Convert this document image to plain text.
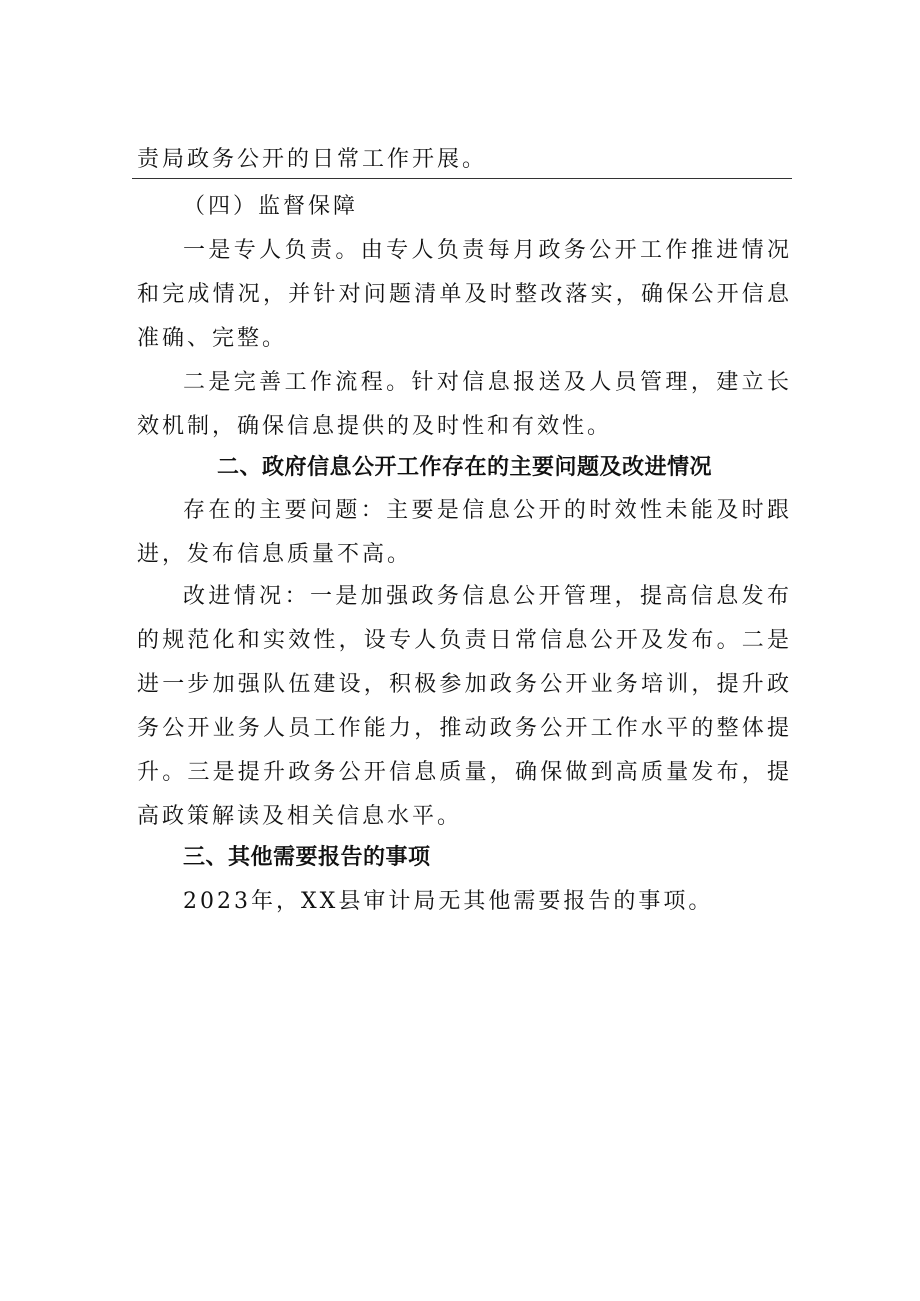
责局政务公开的日常工作开展。
（四）监督保障
一是专人负责。由专人负责每月政务公开工作推进情况和完成情况，并针对问题清单及时整改落实，确保公开信息准确、完整。
二是完善工作流程。针对信息报送及人员管理，建立长效机制，确保信息提供的及时性和有效性。
二、政府信息公开工作存在的主要问题及改进情况
存在的主要问题：主要是信息公开的时效性未能及时跟进，发布信息质量不高。
改进情况：一是加强政务信息公开管理，提高信息发布的规范化和实效性，设专人负责日常信息公开及发布。二是进一步加强队伍建设，积极参加政务公开业务培训，提升政务公开业务人员工作能力，推动政务公开工作水平的整体提升。三是提升政务公开信息质量，确保做到高质量发布，提高政策解读及相关信息水平。
三、其他需要报告的事项
2023年，XX县审计局无其他需要报告的事项。
